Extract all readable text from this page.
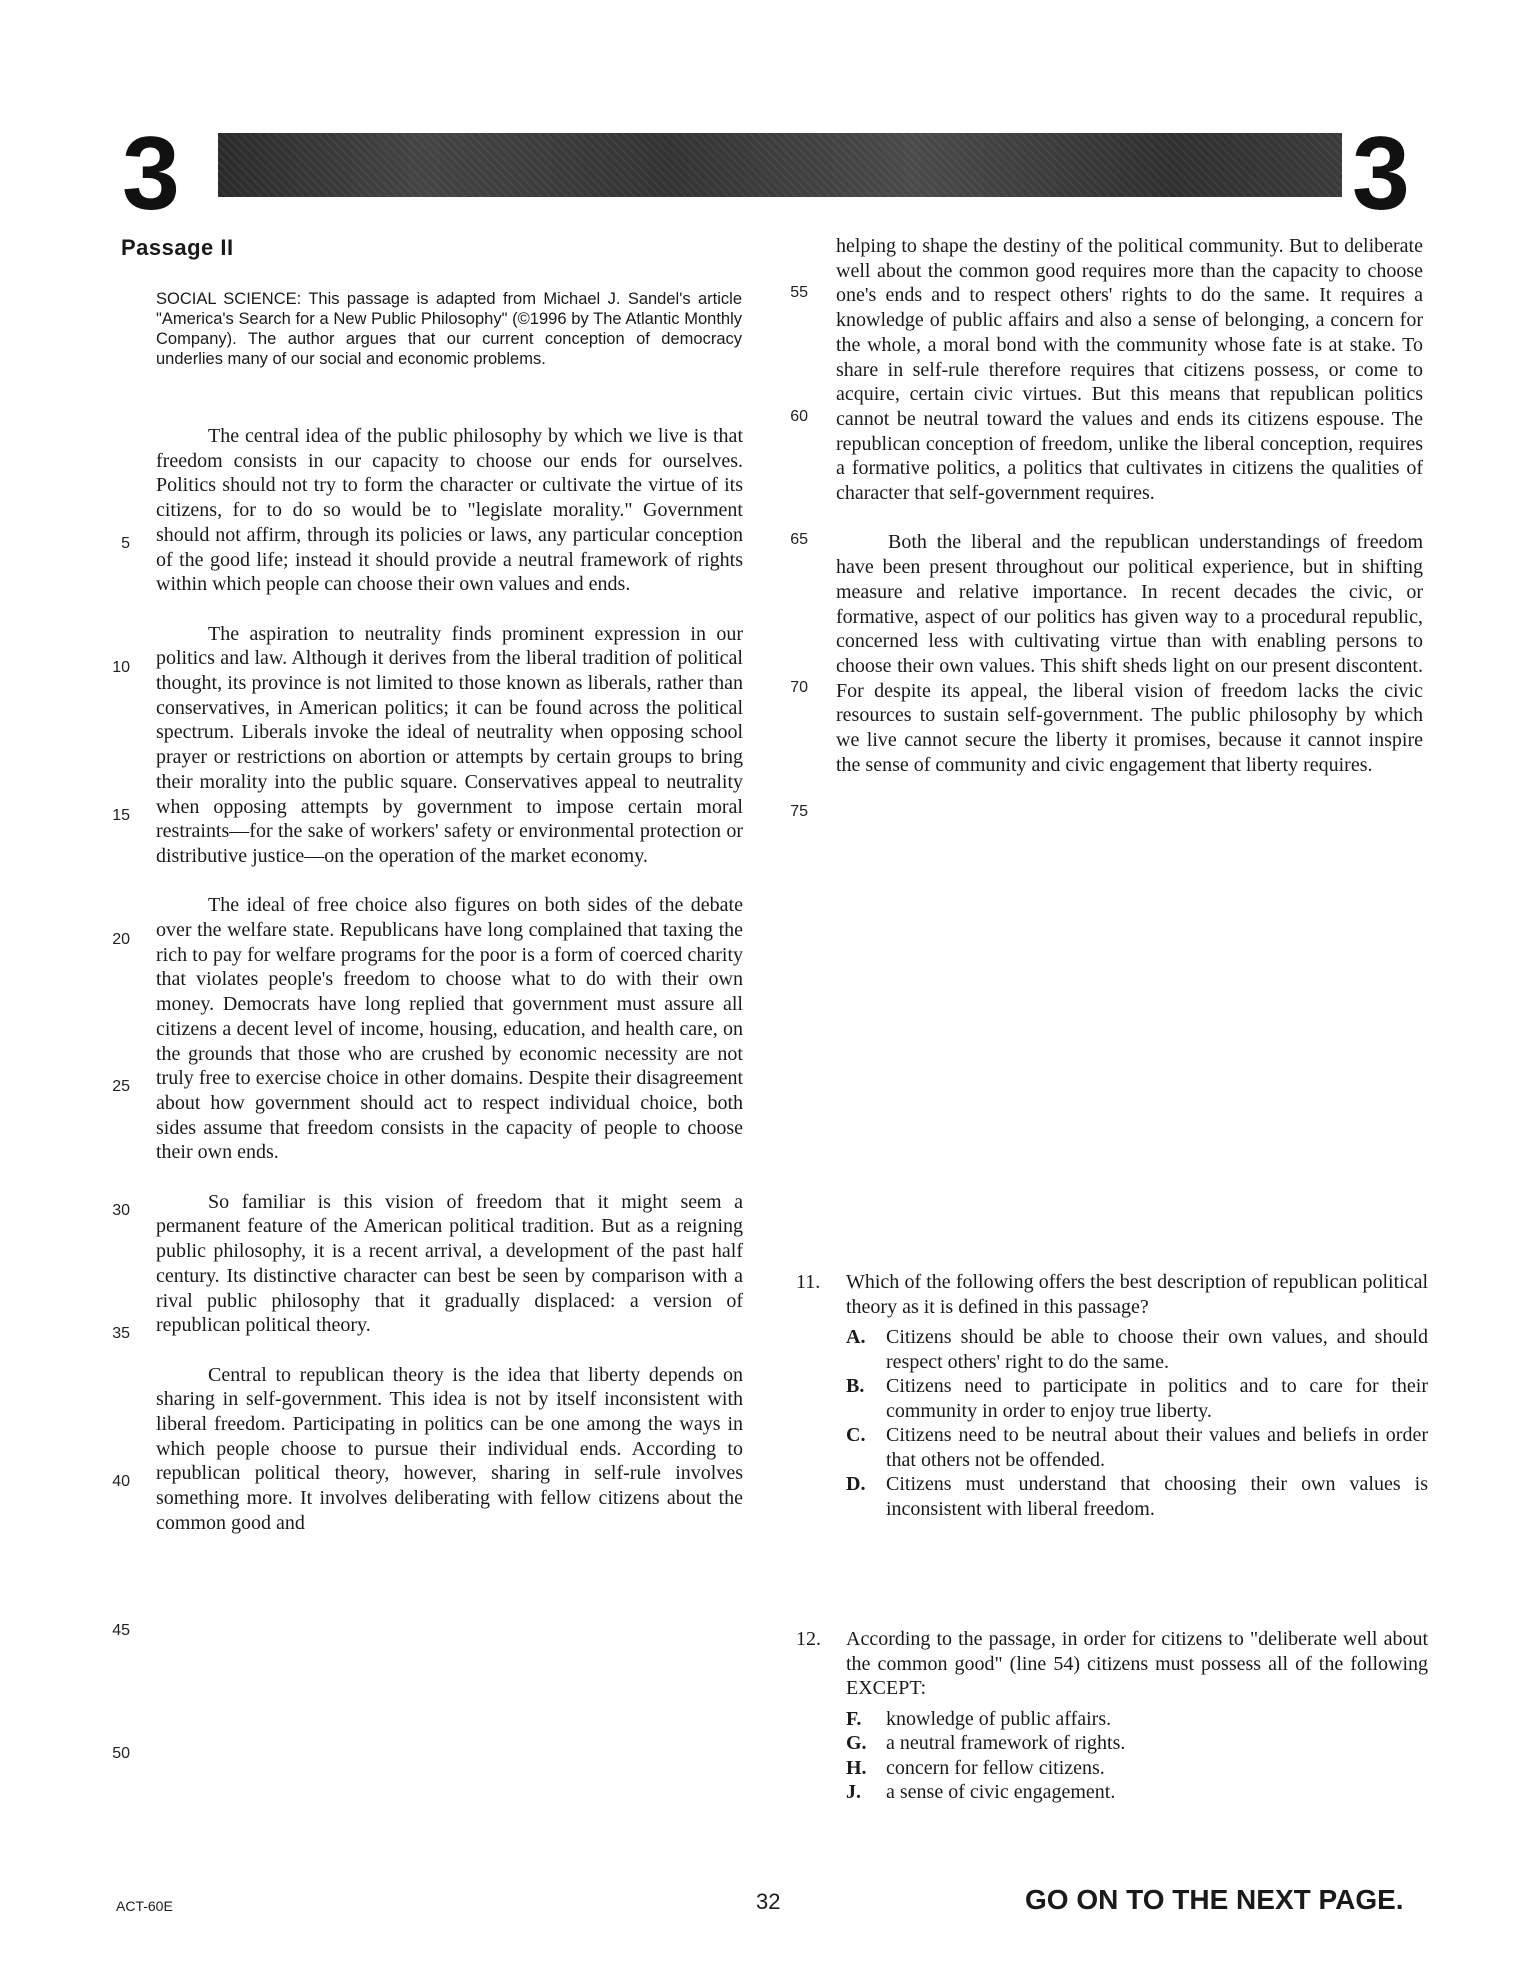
3	3
Passage II
SOCIAL SCIENCE: This passage is adapted from Michael J. Sandel's article "America's Search for a New Public Philosophy" (©1996 by The Atlantic Monthly Company). The author argues that our current conception of democracy underlies many of our social and economic problems.
5
10
15
20
25
30
35
40
45
50

The central idea of the public philosophy by which we live is that freedom consists in our capacity to choose our ends for ourselves. Politics should not try to form the character or cultivate the virtue of its citizens, for to do so would be to "legislate morality." Government should not affirm, through its policies or laws, any particular conception of the good life; instead it should provide a neutral framework of rights within which people can choose their own values and ends.

The aspiration to neutrality finds prominent expression in our politics and law. Although it derives from the liberal tradition of political thought, its province is not limited to those known as liberals, rather than conservatives, in American politics; it can be found across the political spectrum. Liberals invoke the ideal of neutrality when opposing school prayer or restrictions on abortion or attempts by certain groups to bring their morality into the public square. Conservatives appeal to neutrality when opposing attempts by government to impose certain moral restraints—for the sake of workers' safety or environmental protection or distributive justice—on the operation of the market economy.

The ideal of free choice also figures on both sides of the debate over the welfare state. Republicans have long complained that taxing the rich to pay for welfare programs for the poor is a form of coerced charity that violates people's freedom to choose what to do with their own money. Democrats have long replied that government must assure all citizens a decent level of income, housing, education, and health care, on the grounds that those who are crushed by economic necessity are not truly free to exercise choice in other domains. Despite their disagreement about how government should act to respect individual choice, both sides assume that freedom consists in the capacity of people to choose their own ends.

So familiar is this vision of freedom that it might seem a permanent feature of the American political tradition. But as a reigning public philosophy, it is a recent arrival, a development of the past half century. Its distinctive character can best be seen by comparison with a rival public philosophy that it gradually displaced: a version of republican political theory.

Central to republican theory is the idea that liberty depends on sharing in self-government. This idea is not by itself inconsistent with liberal freedom. Participating in politics can be one among the ways in which people choose to pursue their individual ends. According to republican political theory, however, sharing in self-rule involves something more. It involves deliberating with fellow citizens about the common good and

55
60
65
70
75

helping to shape the destiny of the political community. But to deliberate well about the common good requires more than the capacity to choose one's ends and to respect others' rights to do the same. It requires a knowledge of public affairs and also a sense of belonging, a concern for the whole, a moral bond with the community whose fate is at stake. To share in self-rule therefore requires that citizens possess, or come to acquire, certain civic virtues. But this means that republican politics cannot be neutral toward the values and ends its citizens espouse. The republican conception of freedom, unlike the liberal conception, requires a formative politics, a politics that cultivates in citizens the qualities of character that self-government requires.

Both the liberal and the republican understandings of freedom have been present throughout our political experience, but in shifting measure and relative importance. In recent decades the civic, or formative, aspect of our politics has given way to a procedural republic, concerned less with cultivating virtue than with enabling persons to choose their own values. This shift sheds light on our present discontent. For despite its appeal, the liberal vision of freedom lacks the civic resources to sustain self-government. The public philosophy by which we live cannot secure the liberty it promises, because it cannot inspire the sense of community and civic engagement that liberty requires.

11.	Which of the following offers the best description of republican political theory as it is defined in this passage?
A.	Citizens should be able to choose their own values, and should respect others' right to do the same.
B.	Citizens need to participate in politics and to care for their community in order to enjoy true liberty.
C.	Citizens need to be neutral about their values and beliefs in order that others not be offended.
D.	Citizens must understand that choosing their own values is inconsistent with liberal freedom.
12.	According to the passage, in order for citizens to "deliberate well about the common good" (line 54) citizens must possess all of the following EXCEPT:
F.	knowledge of public affairs.
G. a neutral framework of rights.
H. concern for fellow citizens.
J.	a sense of civic engagement.
ACT-60E	32	GO ON TO THE NEXT PAGE.
